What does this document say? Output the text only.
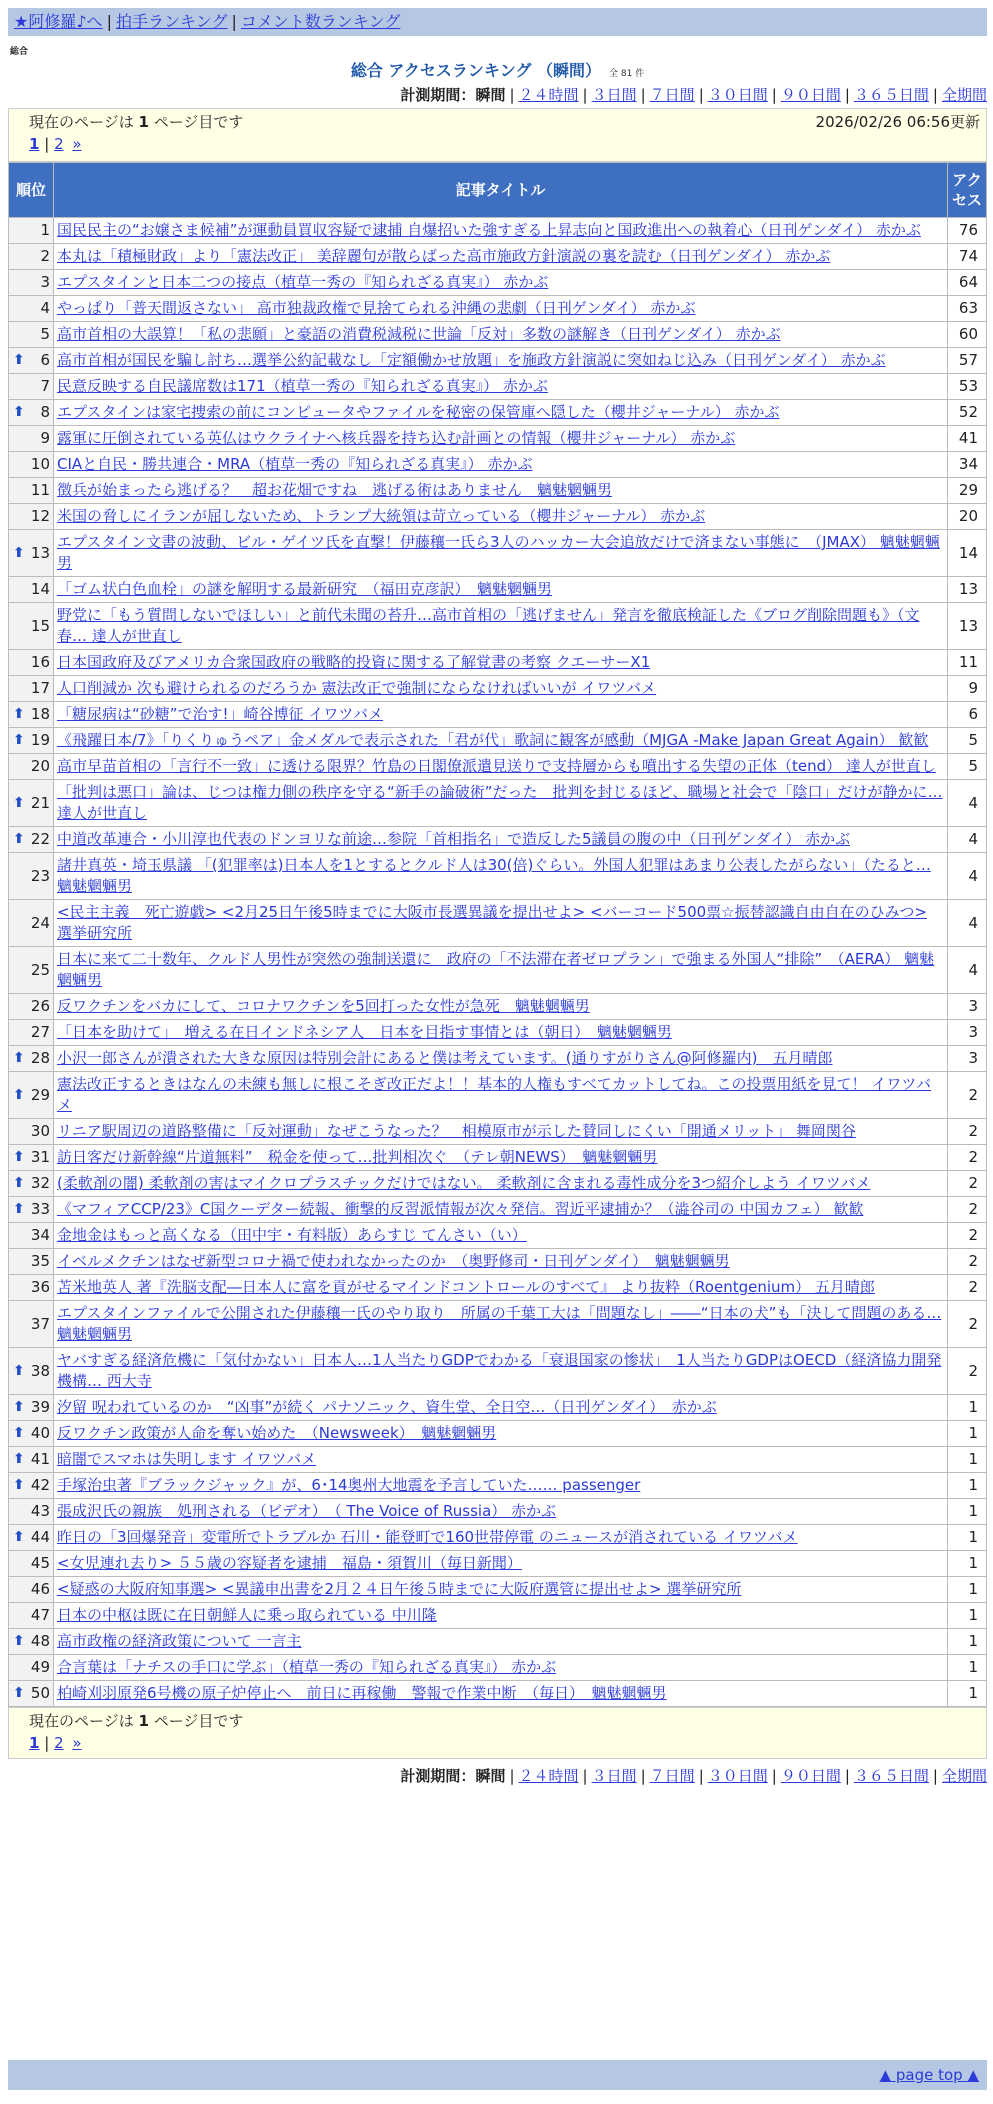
★阿修羅♪へ | 拍手ランキング | コメント数ランキング
総合
総合 アクセスランキング （瞬間） 全 81 件
計測期間：瞬間 | ２４時間 | ３日間 | ７日間 | ３０日間 | ９０日間 | ３６５日間 | 全期間
現在のページは 1 ページ目です	2026/02/26 06:56更新
1 | 2 »
順位	記事タイトル	アクセス
1	国民民主の“お嬢さま候補”が運動員買収容疑で逮捕 自爆招いた強すぎる上昇志向と国政進出への執着心（日刊ゲンダイ） 赤かぶ	76
2	本丸は「積極財政」より「憲法改正」 美辞麗句が散らばった高市施政方針演説の裏を読む（日刊ゲンダイ） 赤かぶ	74
3	エプスタインと日本二つの接点（植草一秀の『知られざる真実』） 赤かぶ	64
4	やっぱり「普天間返さない」 高市独裁政権で見捨てられる沖縄の悲劇（日刊ゲンダイ） 赤かぶ	63
5	高市首相の大誤算！「私の悲願」と豪語の消費税減税に世論「反対」多数の謎解き（日刊ゲンダイ） 赤かぶ	60

⬆ 6	高市首相が国民を騙し討ち…選挙公約記載なし「定額働かせ放題」を施政方針演説に突如ねじ込み（日刊ゲンダイ） 赤かぶ	57
7	民意反映する自民議席数は171（植草一秀の『知られざる真実』） 赤かぶ	53

⬆ 8	エプスタインは家宅捜索の前にコンピュータやファイルを秘密の保管庫へ隠した（櫻井ジャーナル） 赤かぶ	52
9	露軍に圧倒されている英仏はウクライナへ核兵器を持ち込む計画との情報（櫻井ジャーナル） 赤かぶ	41
10	CIAと自民・勝共連合・MRA（植草一秀の『知られざる真実』） 赤かぶ	34
11	徴兵が始まったら逃げる？　超お花畑ですね　逃げる術はありません　魑魅魍魎男	29
12	米国の脅しにイランが屈しないため、トランプ大統領は苛立っている（櫻井ジャーナル） 赤かぶ	20

⬆ 13	エプスタイン文書の波動、ビル・ゲイツ氏を直撃！伊藤穰一氏ら3人のハッカー大会追放だけで済まない事態に　（JMAX） 魑魅魍魎男	14
14	「ゴム状白色血栓」の謎を解明する最新研究　（福田克彦訳）　魑魅魍魎男	13
15	野党に「もう質問しないでほしい」と前代未聞の苔升…高市首相の「逃げません」発言を徹底検証した《ブログ削除問題も》（文春… 達人が世直し	13
16	日本国政府及びアメリカ合衆国政府の戦略的投資に関する了解覚書の考察 クエーサーX1	11
17	人口削減か 次も避けられるのだろうか 憲法改正で強制にならなければいいが イワツバメ	9

⬆ 18	「糖尿病は“砂糖”で治す!」崎谷博征 イワツバメ	6

⬆ 19	《飛躍日本/7》「りくりゅうペア」金メダルで表示された「君が代」歌詞に観客が感動（MJGA -Make Japan Great Again） 歓歓	5
20	高市早苗首相の「言行不一致」に透ける限界？竹島の日閣僚派遣見送りで支持層からも噴出する失望の正体（tend） 達人が世直し	5

⬆ 21	「批判は悪口」論は、じつは権力側の秩序を守る“新手の論破術”だった　批判を封じるほど、職場と社会で「陰口」だけが静かに… 達人が世直し	4

⬆ 22	中道改革連合・小川淳也代表のドンヨリな前途…参院「首相指名」で造反した5議員の腹の中（日刊ゲンダイ） 赤かぶ	4
23	諸井真英・埼玉県議 「(犯罪率は)日本人を1とするとクルド人は30(倍)ぐらい。外国人犯罪はあまり公表したがらない」（たると… 魑魅魍魎男	4
24	<民主主義　死亡遊戯> <2月25日午後5時までに大阪市長選異議を提出せよ> <バーコード500票☆振替認識自由自在のひみつ> 選挙研究所	4
25	日本に来て二十数年、クルド人男性が突然の強制送還に　政府の「不法滞在者ゼロプラン」で強まる外国人“排除”　（AERA） 魑魅魍魎男	4
26	反ワクチンをバカにして、コロナワクチンを5回打った女性が急死　魑魅魍魎男	3
27	「日本を助けて」　増える在日インドネシア人　日本を目指す事情とは（朝日）　魑魅魍魎男	3

⬆ 28	小沢一郎さんが潰された大きな原因は特別会計にあると僕は考えています。(通りすがりさん@阿修羅内)　五月晴郎	3

⬆ 29	憲法改正するときはなんの未練も無しに根こそぎ改正だよ！！基本的人権もすべてカットしてね。この投票用紙を見て！ イワツバメ	2
30	リニア駅周辺の道路整備に「反対運動」なぜこうなった？　相模原市が示した賛同しにくい「開通メリット」 舞岡関谷	2

⬆ 31	訪日客だけ新幹線“片道無料”　税金を使って…批判相次ぐ　（テレ朝NEWS）　魑魅魍魎男	2

⬆ 32	(柔軟剤の闇) 柔軟剤の害はマイクロプラスチックだけではない。 柔軟剤に含まれる毒性成分を3つ紹介しよう イワツバメ	2

⬆ 33	《マフィアCCP/23》C国クーデター続報、衝撃的反習派情報が次々発信。習近平逮捕か？（澁谷司の 中国カフェ） 歓歓	2
34	金地金はもっと高くなる（田中宇・有料版）あらすじ てんさい（い）	2
35	イベルメクチンはなぜ新型コロナ禍で使われなかったのか　（奥野修司・日刊ゲンダイ）　魑魅魍魎男	2
36	苫米地英人 著『洗脳支配―日本人に富を貢がせるマインドコントロールのすべて』 より抜粋（Roentgenium） 五月晴郎	2
37	エプスタインファイルで公開された伊藤穰一氏のやり取り　所属の千葉工大は「問題なし」――“日本の犬”も「決して問題のある… 魑魅魍魎男	2

⬆ 38	ヤバすぎる経済危機に「気付かない」日本人…1人当たりGDPでわかる「衰退国家の惨状」　1人当たりGDPはOECD（経済協力開発機構… 西大寺	2

⬆ 39	汐留 呪われているのか　“凶事”が続く パナソニック、資生堂、全日空…（日刊ゲンダイ）　赤かぶ	1

⬆ 40	反ワクチン政策が人命を奪い始めた　（Newsweek）　魑魅魍魎男	1

⬆ 41	暗闇でスマホは失明します イワツバメ	1

⬆ 42	手塚治虫著『ブラックジャック』が、6･14奥州大地震を予言していた…… passenger	1
43	張成沢氏の親族　処刑される（ビデオ）　（ The Voice of Russia） 赤かぶ	1

⬆ 44	昨日の「3回爆発音」変電所でトラブルか 石川・能登町で160世帯停電 のニュースが消されている イワツバメ	1
45	<女児連れ去り> ５５歳の容疑者を逮捕　福島・須賀川（毎日新聞）	1
46	<疑惑の大阪府知事選> <異議申出書を2月２４日午後５時までに大阪府選管に提出せよ> 選挙研究所	1
47	日本の中枢は既に在日朝鮮人に乗っ取られている 中川隆	1

⬆ 48	高市政権の経済政策について 一言主	1
49	合言葉は「ナチスの手口に学ぶ」（植草一秀の『知られざる真実』） 赤かぶ	1

⬆ 50	柏崎刈羽原発6号機の原子炉停止へ　前日に再稼働　警報で作業中断　（毎日）　魑魅魍魎男	1
現在のページは 1 ページ目です
1 | 2 »
計測期間：瞬間 | ２４時間 | ３日間 | ７日間 | ３０日間 | ９０日間 | ３６５日間 | 全期間
▲ page top ▲
